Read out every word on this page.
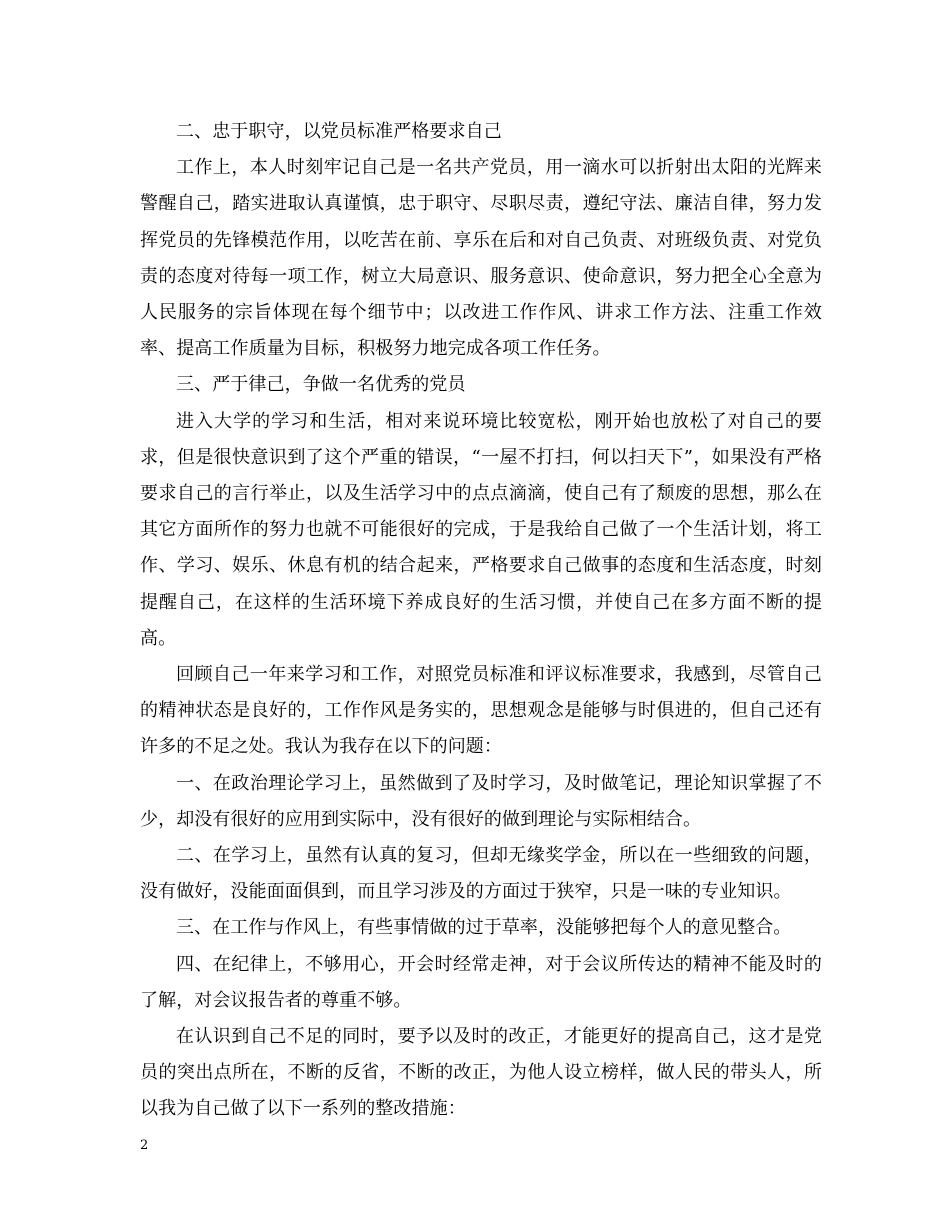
二、忠于职守，以党员标准严格要求自己

工作上，本人时刻牢记自己是一名共产党员，用一滴水可以折射出太阳的光辉来警醒自己，踏实进取认真谨慎，忠于职守、尽职尽责，遵纪守法、廉洁自律，努力发挥党员的先锋模范作用，以吃苦在前、享乐在后和对自己负责、对班级负责、对党负责的态度对待每一项工作，树立大局意识、服务意识、使命意识，努力把全心全意为人民服务的宗旨体现在每个细节中；以改进工作作风、讲求工作方法、注重工作效率、提高工作质量为目标，积极努力地完成各项工作任务。

三、严于律己，争做一名优秀的党员

进入大学的学习和生活，相对来说环境比较宽松，刚开始也放松了对自己的要求，但是很快意识到了这个严重的错误，“一屋不打扫，何以扫天下”，如果没有严格要求自己的言行举止，以及生活学习中的点点滴滴，使自己有了颓废的思想，那么在其它方面所作的努力也就不可能很好的完成，于是我给自己做了一个生活计划，将工作、学习、娱乐、休息有机的结合起来，严格要求自己做事的态度和生活态度，时刻提醒自己，在这样的生活环境下养成良好的生活习惯，并使自己在多方面不断的提高。

回顾自己一年来学习和工作，对照党员标准和评议标准要求，我感到，尽管自己的精神状态是良好的，工作作风是务实的，思想观念是能够与时俱进的，但自己还有许多的不足之处。我认为我存在以下的问题：

一、在政治理论学习上，虽然做到了及时学习，及时做笔记，理论知识掌握了不少，却没有很好的应用到实际中，没有很好的做到理论与实际相结合。

二、在学习上，虽然有认真的复习，但却无缘奖学金，所以在一些细致的问题，没有做好，没能面面俱到，而且学习涉及的方面过于狭窄，只是一味的专业知识。

三、在工作与作风上，有些事情做的过于草率，没能够把每个人的意见整合。

四、在纪律上，不够用心，开会时经常走神，对于会议所传达的精神不能及时的了解，对会议报告者的尊重不够。

在认识到自己不足的同时，要予以及时的改正，才能更好的提高自己，这才是党员的突出点所在，不断的反省，不断的改正，为他人设立榜样，做人民的带头人，所以我为自己做了以下一系列的整改措施：

2
